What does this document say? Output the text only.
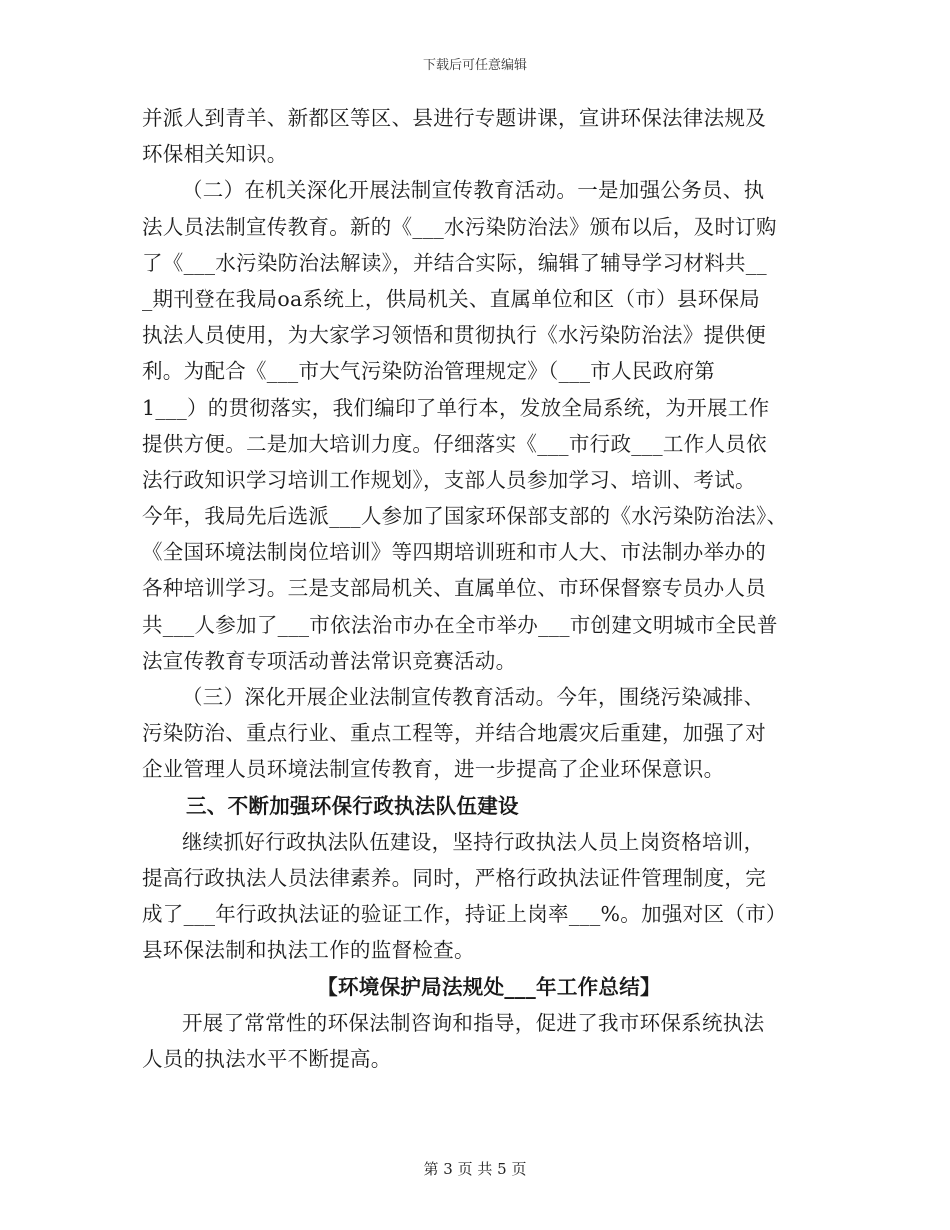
下载后可任意编辑
并派人到青羊、新都区等区、县进行专题讲课，宣讲环保法律法规及
环保相关知识。
（二）在机关深化开展法制宣传教育活动。一是加强公务员、执
法人员法制宣传教育。新的《___水污染防治法》颁布以后，及时订购
了《___水污染防治法解读》，并结合实际，编辑了辅导学习材料共__
_期刊登在我局oa系统上，供局机关、直属单位和区（市）县环保局
执法人员使用，为大家学习领悟和贯彻执行《水污染防治法》提供便
利。为配合《___市大气污染防治管理规定》（___市人民政府第
1___）的贯彻落实，我们编印了单行本，发放全局系统，为开展工作
提供方便。二是加大培训力度。仔细落实《___市行政___工作人员依
法行政知识学习培训工作规划》，支部人员参加学习、培训、考试。
今年，我局先后选派___人参加了国家环保部支部的《水污染防治法》、
《全国环境法制岗位培训》等四期培训班和市人大、市法制办举办的
各种培训学习。三是支部局机关、直属单位、市环保督察专员办人员
共___人参加了___市依法治市办在全市举办___市创建文明城市全民普
法宣传教育专项活动普法常识竞赛活动。
（三）深化开展企业法制宣传教育活动。今年，围绕污染减排、
污染防治、重点行业、重点工程等，并结合地震灾后重建，加强了对
企业管理人员环境法制宣传教育，进一步提高了企业环保意识。
三、不断加强环保行政执法队伍建设
继续抓好行政执法队伍建设，坚持行政执法人员上岗资格培训，
提高行政执法人员法律素养。同时，严格行政执法证件管理制度，完
成了___年行政执法证的验证工作，持证上岗率___%。加强对区（市）
县环保法制和执法工作的监督检查。
【环境保护局法规处___年工作总结】
开展了常常性的环保法制咨询和指导，促进了我市环保系统执法
人员的执法水平不断提高。
第 3 页 共 5 页
